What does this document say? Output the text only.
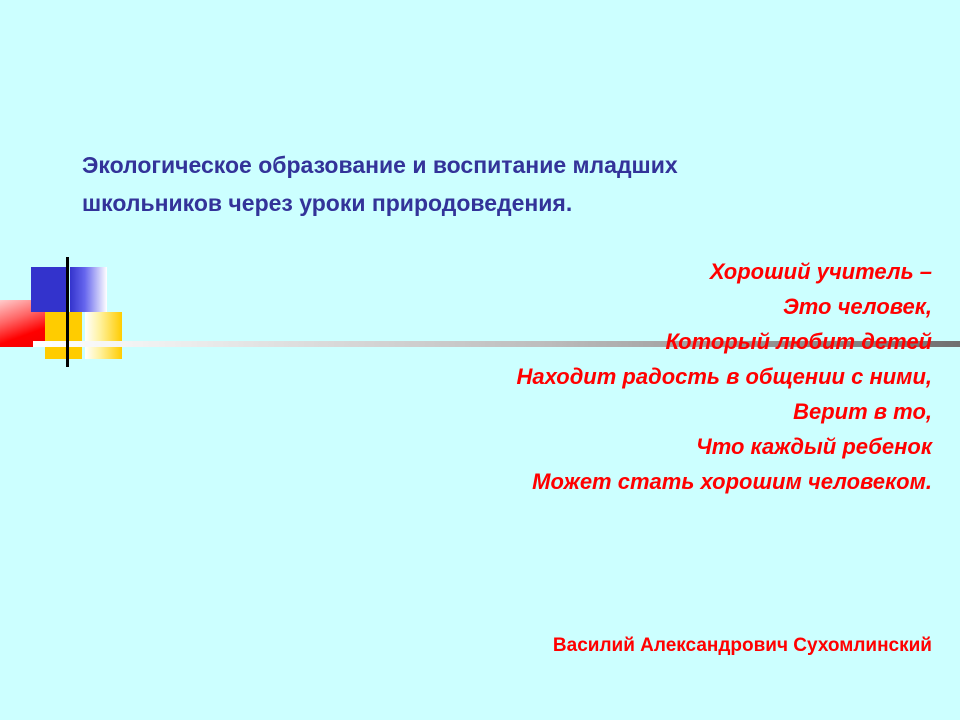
Экологическое образование и воспитание младших школьников через уроки природоведения.
Хороший учитель –
Это человек,
Который любит детей
Находит радость в общении с ними,
Верит в то,
Что каждый ребенок
Может стать хорошим человеком.
Василий Александрович Сухомлинский
